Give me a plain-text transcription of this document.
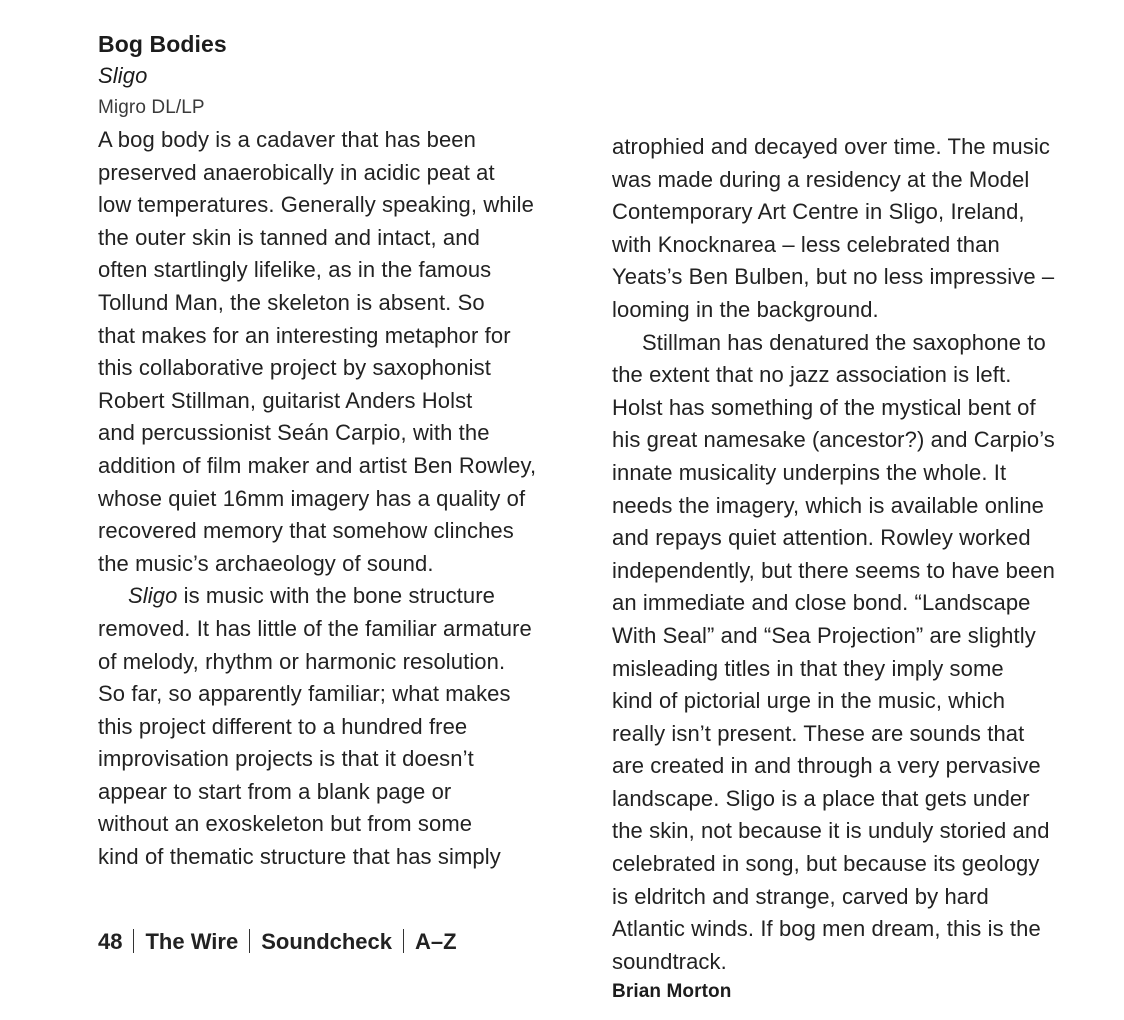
Bog Bodies
Sligo
Migro DL/LP
A bog body is a cadaver that has been
preserved anaerobically in acidic peat at
low temperatures. Generally speaking, while
the outer skin is tanned and intact, and
often startlingly lifelike, as in the famous
Tollund Man, the skeleton is absent. So
that makes for an interesting metaphor for
this collaborative project by saxophonist
Robert Stillman, guitarist Anders Holst
and percussionist Seán Carpio, with the
addition of film maker and artist Ben Rowley,
whose quiet 16mm imagery has a quality of
recovered memory that somehow clinches
the music’s archaeology of sound.
Sligo is music with the bone structure
removed. It has little of the familiar armature
of melody, rhythm or harmonic resolution.
So far, so apparently familiar; what makes
this project different to a hundred free
improvisation projects is that it doesn’t
appear to start from a blank page or
without an exoskeleton but from some
kind of thematic structure that has simply
atrophied and decayed over time. The music
was made during a residency at the Model
Contemporary Art Centre in Sligo, Ireland,
with Knocknarea – less celebrated than
Yeats’s Ben Bulben, but no less impressive –
looming in the background.
Stillman has denatured the saxophone to
the extent that no jazz association is left.
Holst has something of the mystical bent of
his great namesake (ancestor?) and Carpio’s
innate musicality underpins the whole. It
needs the imagery, which is available online
and repays quiet attention. Rowley worked
independently, but there seems to have been
an immediate and close bond. “Landscape
With Seal” and “Sea Projection” are slightly
misleading titles in that they imply some
kind of pictorial urge in the music, which
really isn’t present. These are sounds that
are created in and through a very pervasive
landscape. Sligo is a place that gets under
the skin, not because it is unduly storied and
celebrated in song, but because its geology
is eldritch and strange, carved by hard
Atlantic winds. If bog men dream, this is the
soundtrack.
Brian Morton
48 The Wire Soundcheck A–Z
